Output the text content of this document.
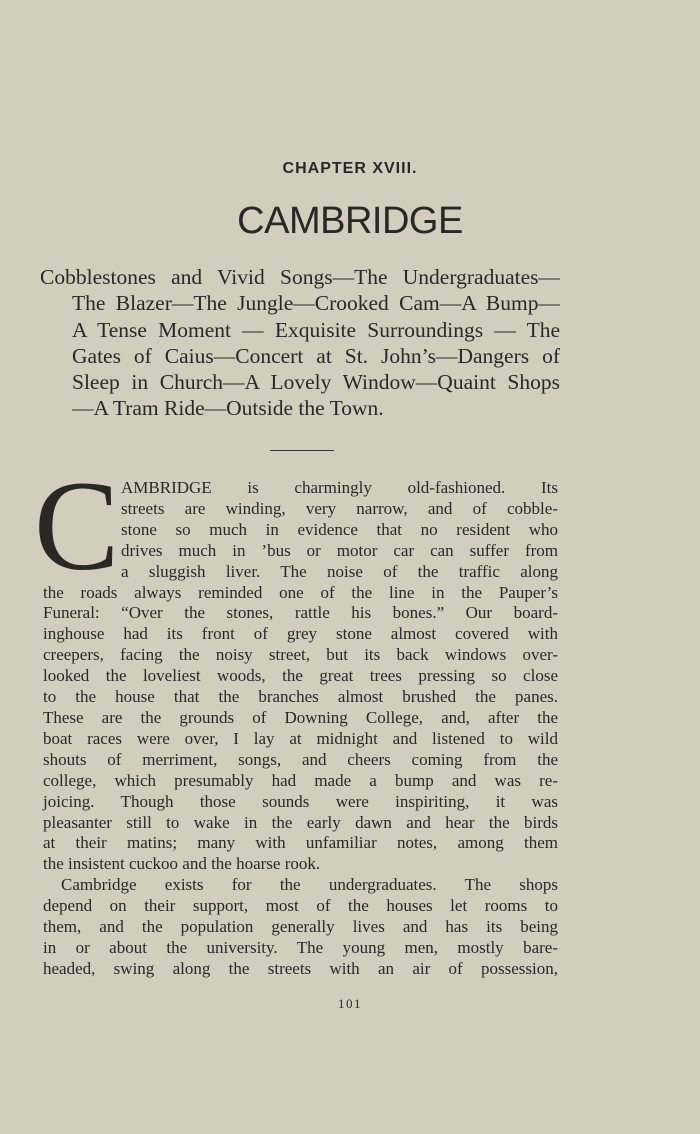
CHAPTER XVIII.
CAMBRIDGE
Cobblestones and Vivid Songs—The Undergraduates—
The Blazer—The Jungle—Crooked Cam—A Bump—
A Tense Moment — Exquisite Surroundings — The
Gates of Caius—Concert at St. John’s—Dangers of
Sleep in Church—A Lovely Window—Quaint Shops
—A Tram Ride—Outside the Town.
C AMBRIDGE is charmingly old-fashioned. Its
streets are winding, very narrow, and of cobble-
stone so much in evidence that no resident who
drives much in ’bus or motor car can suffer from
a sluggish liver. The noise of the traffic along
the roads always reminded one of the line in the Pauper’s
Funeral: “Over the stones, rattle his bones.” Our board-
inghouse had its front of grey stone almost covered with
creepers, facing the noisy street, but its back windows over-
looked the loveliest woods, the great trees pressing so close
to the house that the branches almost brushed the panes.
These are the grounds of Downing College, and, after the
boat races were over, I lay at midnight and listened to wild
shouts of merriment, songs, and cheers coming from the
college, which presumably had made a bump and was re-
joicing. Though those sounds were inspiriting, it was
pleasanter still to wake in the early dawn and hear the birds
at their matins; many with unfamiliar notes, among them
the insistent cuckoo and the hoarse rook.
Cambridge exists for the undergraduates. The shops
depend on their support, most of the houses let rooms to
them, and the population generally lives and has its being
in or about the university. The young men, mostly bare-
headed, swing along the streets with an air of possession,
101
